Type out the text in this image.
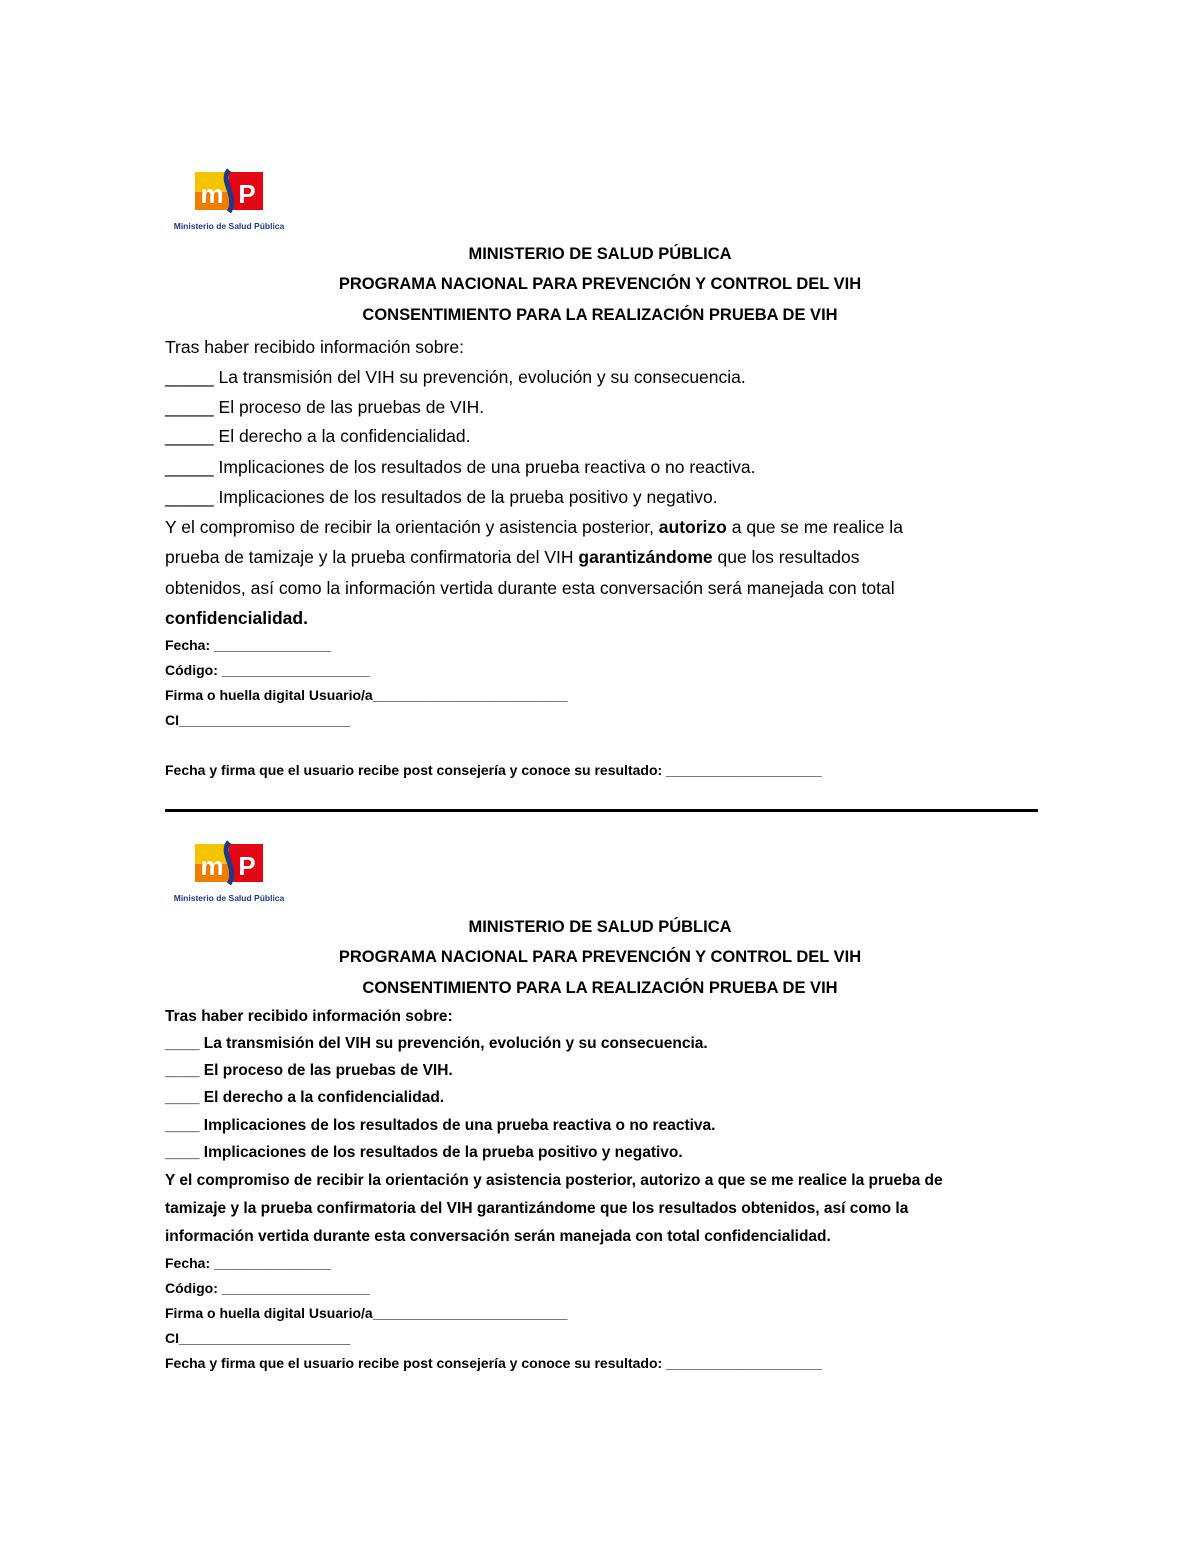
m P
Ministerio de Salud Pública
MINISTERIO DE SALUD PÚBLICA
PROGRAMA NACIONAL PARA PREVENCIÓN Y CONTROL DEL VIH
CONSENTIMIENTO PARA LA REALIZACIÓN PRUEBA DE VIH
Tras haber recibido información sobre:
_____ La transmisión del VIH su prevención, evolución y su consecuencia.
_____ El proceso de las pruebas de VIH.
_____ El derecho a la confidencialidad.
_____ Implicaciones de los resultados de una prueba reactiva o no reactiva.
_____ Implicaciones de los resultados de la prueba positivo y negativo.
Y el compromiso de recibir la orientación y asistencia posterior, autorizo a que se me realice la
prueba de tamizaje y la prueba confirmatoria del VIH garantizándome que los resultados
obtenidos, así como la información vertida durante esta conversación será manejada con total
confidencialidad.
Fecha: _______________
Código: ___________________
Firma o huella digital Usuario/a_________________________
CI______________________
Fecha y firma que el usuario recibe post consejería y conoce su resultado: ____________________
m P
Ministerio de Salud Pública
MINISTERIO DE SALUD PÚBLICA
PROGRAMA NACIONAL PARA PREVENCIÓN Y CONTROL DEL VIH
CONSENTIMIENTO PARA LA REALIZACIÓN PRUEBA DE VIH
Tras haber recibido información sobre:
____ La transmisión del VIH su prevención, evolución y su consecuencia.
____ El proceso de las pruebas de VIH.
____ El derecho a la confidencialidad.
____ Implicaciones de los resultados de una prueba reactiva o no reactiva.
____ Implicaciones de los resultados de la prueba positivo y negativo.
Y el compromiso de recibir la orientación y asistencia posterior, autorizo a que se me realice la prueba de
tamizaje y la prueba confirmatoria del VIH garantizándome que los resultados obtenidos, así como la
información vertida durante esta conversación serán manejada con total confidencialidad.
Fecha: _______________
Código: ___________________
Firma o huella digital Usuario/a_________________________
CI______________________
Fecha y firma que el usuario recibe post consejería y conoce su resultado: ____________________
